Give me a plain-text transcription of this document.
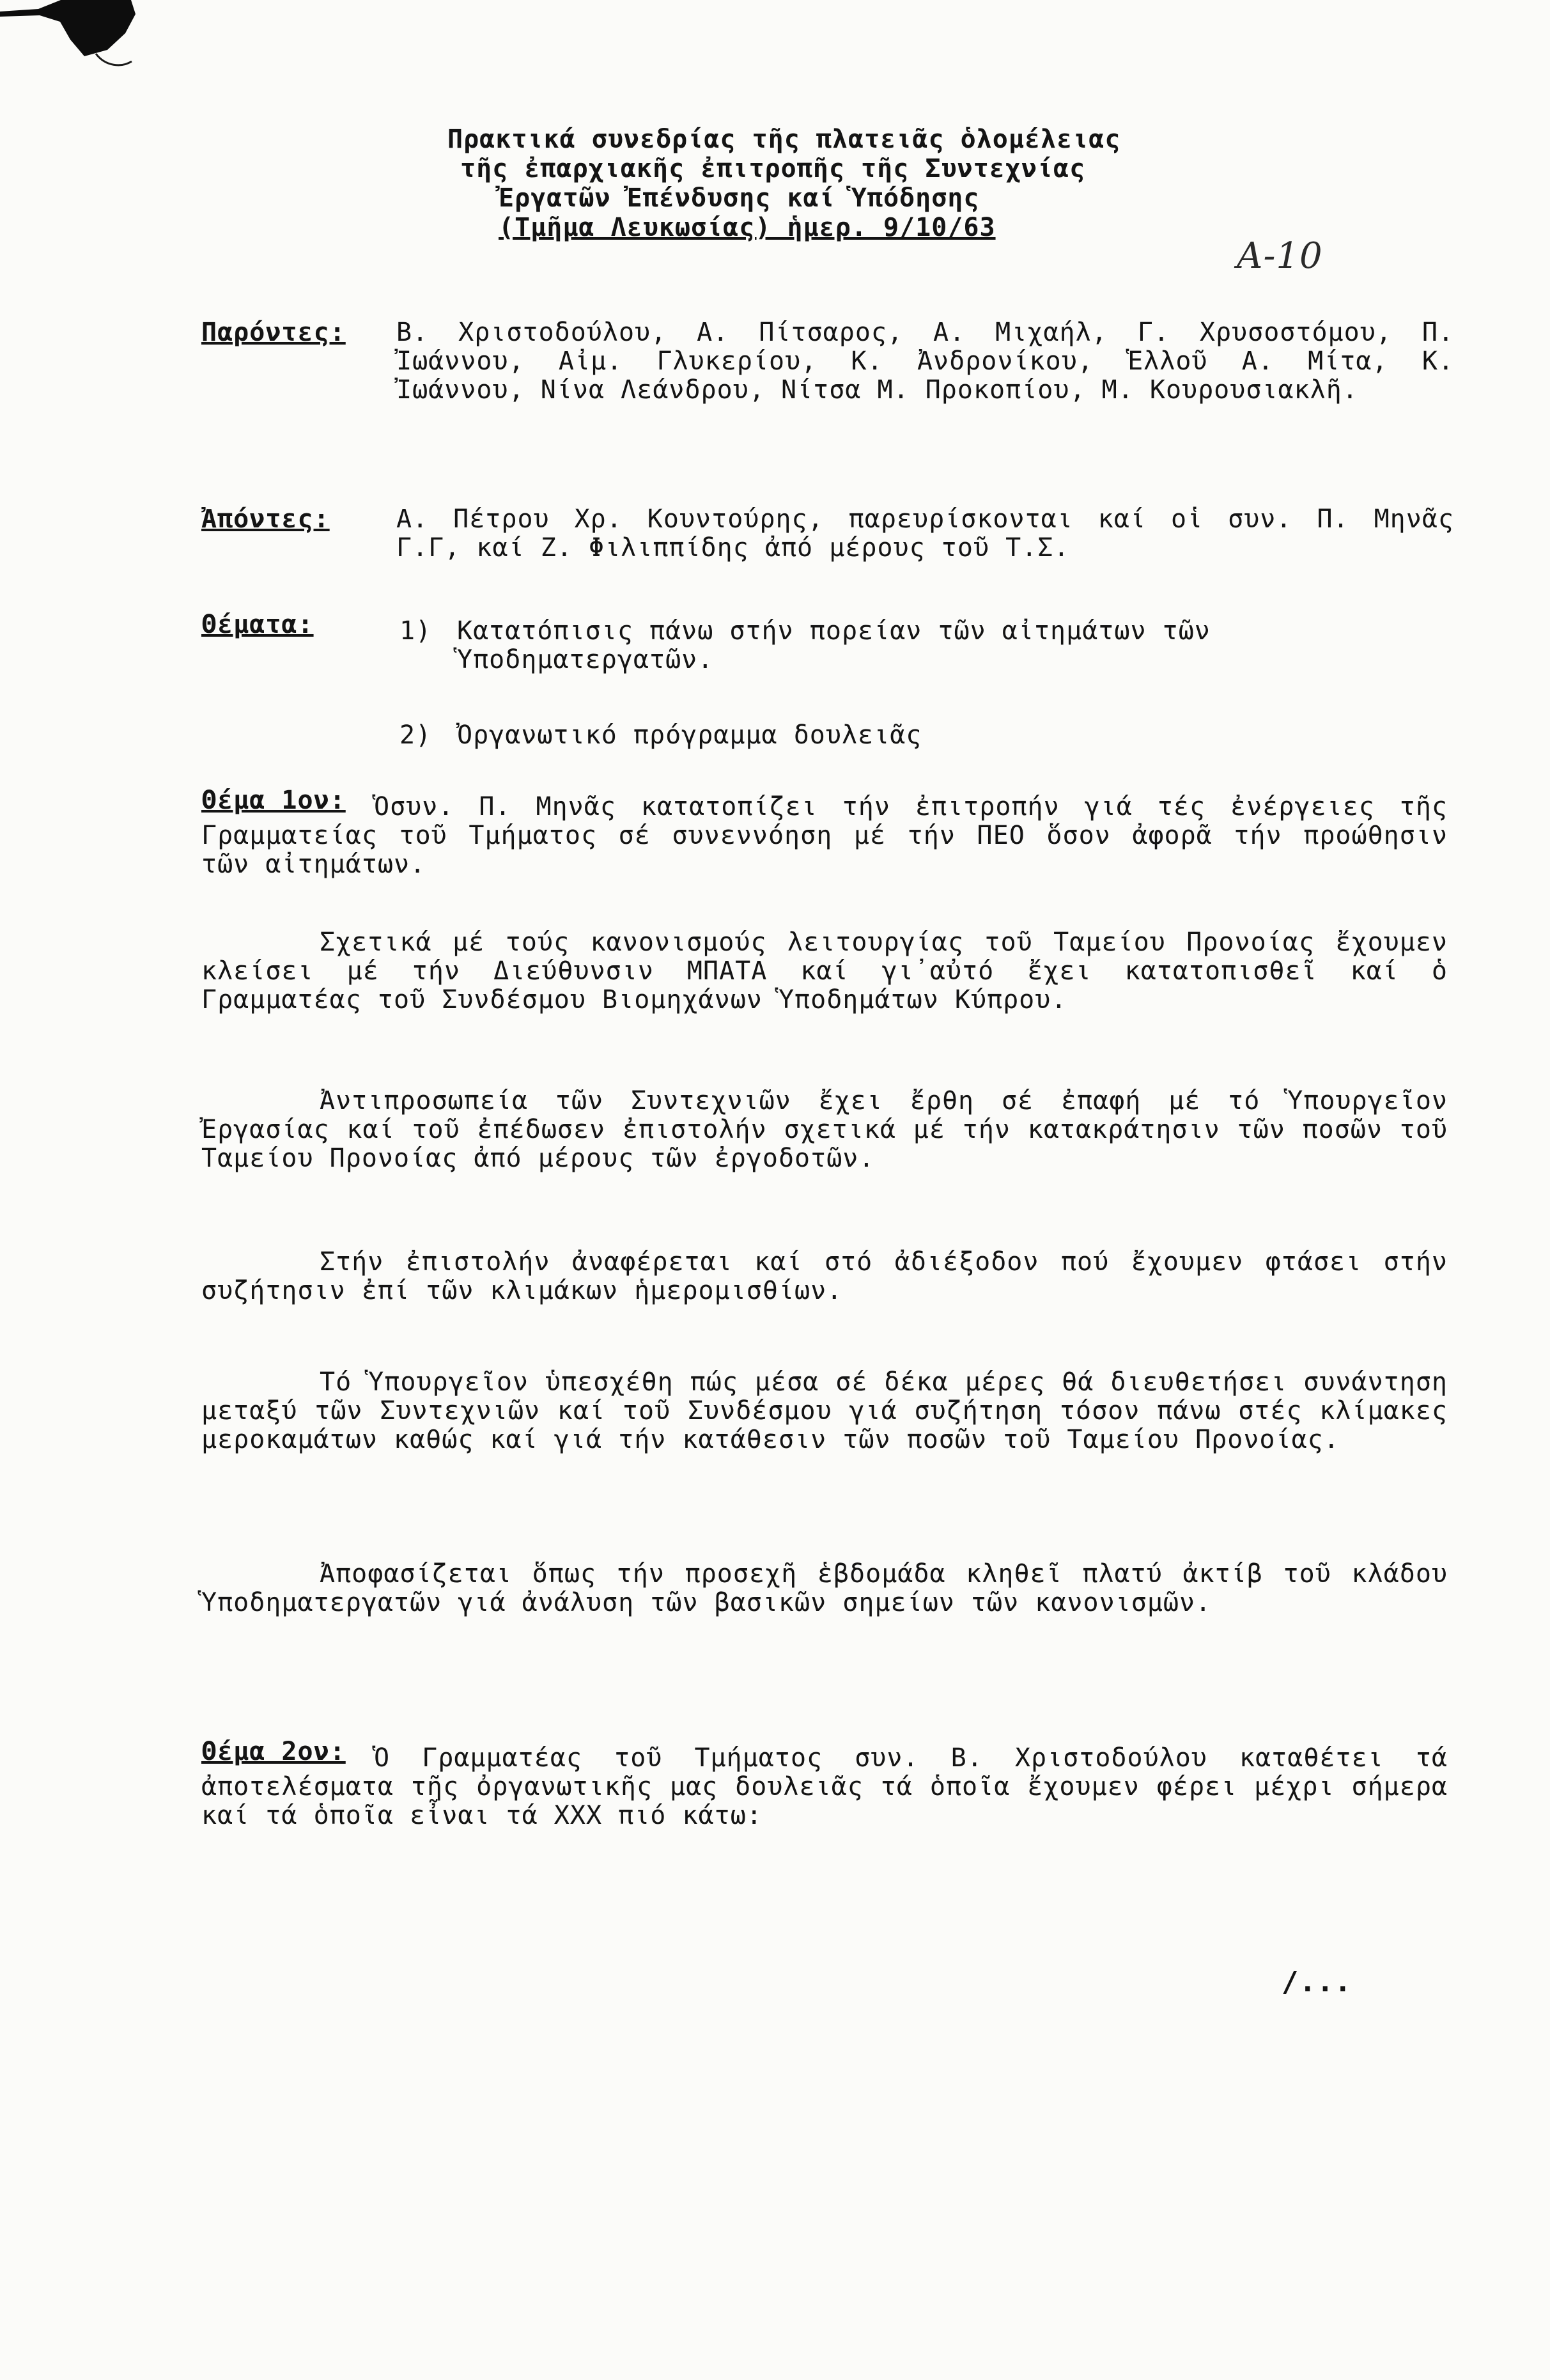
Πρακτικά συνεδρίας τῆς πλατειᾶς ὁλομέλειας
τῆς ἐπαρχιακῆς ἐπιτροπῆς τῆς Συντεχνίας
Ἐργατῶν Ἐπένδυσης καί Ὑπόδησης
(Τμῆμα Λευκωσίας) ἡμερ. 9/10/63
A-10
Παρόντες: Β. Χριστοδούλου, Α. Πίτσαρος, Α. Μιχαήλ, Γ. Χρυσοστόμου, Π. Ἰωάννου, Αἰμ. Γλυκερίου, Κ. Ἀνδρονίκου, Ἑλλοῦ Α. Μίτα, Κ. Ἰωάννου, Νίνα Λεάνδρου, Νίτσα Μ. Προκοπίου, Μ. Κουρουσιακλῆ.
Ἀπόντες:	Α. Πέτρου Χρ. Κουντούρης, παρευρίσκονται καί οἱ συν. Π. Μηνᾶς Γ.Γ, καί Ζ. Φιλιππίδης ἀπό μέρους τοῦ Τ.Σ.
Θέματα:	1) Κατατόπισις πάνω στήν πορείαν τῶν αἰτημάτων τῶν Ὑποδηματεργατῶν.
2) Ὀργανωτικό πρόγραμμα δουλειᾶς
Θέμα 1ον:	Ὁσυν. Π. Μηνᾶς κατατοπίζει τήν ἐπιτροπήν γιά τές ἐνέργειες τῆς Γραμματείας τοῦ Τμήματος σέ συνεννόηση μέ τήν ΠΕΟ ὅσον ἀφορᾶ τήν προώθησιν τῶν αἰτημάτων.
Σχετικά μέ τούς κανονισμούς λειτουργίας τοῦ Ταμείου Προνοίας ἔχουμεν κλείσει μέ τήν Διεύθυνσιν ΜΠΑΤΑ καί γι᾽αὐτό ἔχει κατατοπισθεῖ καί ὁ Γραμματέας τοῦ Συνδέσμου Βιομηχάνων Ὑποδημάτων Κύπρου.
Ἀντιπροσωπεία τῶν Συντεχνιῶν ἔχει ἔρθη σέ ἐπαφή μέ τό Ὑπουργεῖον Ἐργασίας καί τοῦ ἐπέδωσεν ἐπιστολήν σχετικά μέ τήν κατακράτησιν τῶν ποσῶν τοῦ Ταμείου Προνοίας ἀπό μέρους τῶν ἐργοδοτῶν.
Στήν ἐπιστολήν ἀναφέρεται καί στό ἀδιέξοδον πού ἔχουμεν φτάσει στήν συζήτησιν ἐπί τῶν κλιμάκων ἡμερομισθίων.
Τό Ὑπουργεῖον ὑπεσχέθη πώς μέσα σέ δέκα μέρες θά διευθετήσει συνάντηση μεταξύ τῶν Συντεχνιῶν καί τοῦ Συνδέσμου γιά συζήτηση τόσον πάνω στές κλίμακες μεροκαμάτων καθώς καί γιά τήν κατάθεσιν τῶν ποσῶν τοῦ Ταμείου Προνοίας.
Ἀποφασίζεται ὅπως τήν προσεχῆ ἑβδομάδα κληθεῖ πλατύ ἀκτίβ τοῦ κλάδου Ὑποδηματεργατῶν γιά ἀνάλυση τῶν βασικῶν σημείων τῶν κανονισμῶν.
Θέμα 2ον:	Ὁ Γραμματέας τοῦ Τμήματος συν. Β. Χριστοδούλου καταθέτει τά ἀποτελέσματα τῆς ὀργανωτικῆς μας δουλειᾶς τά ὁποῖα ἔχουμεν φέρει μέχρι σήμερα καί τά ὁποῖα εἶναι τά XXX πιό κάτω:
/...
